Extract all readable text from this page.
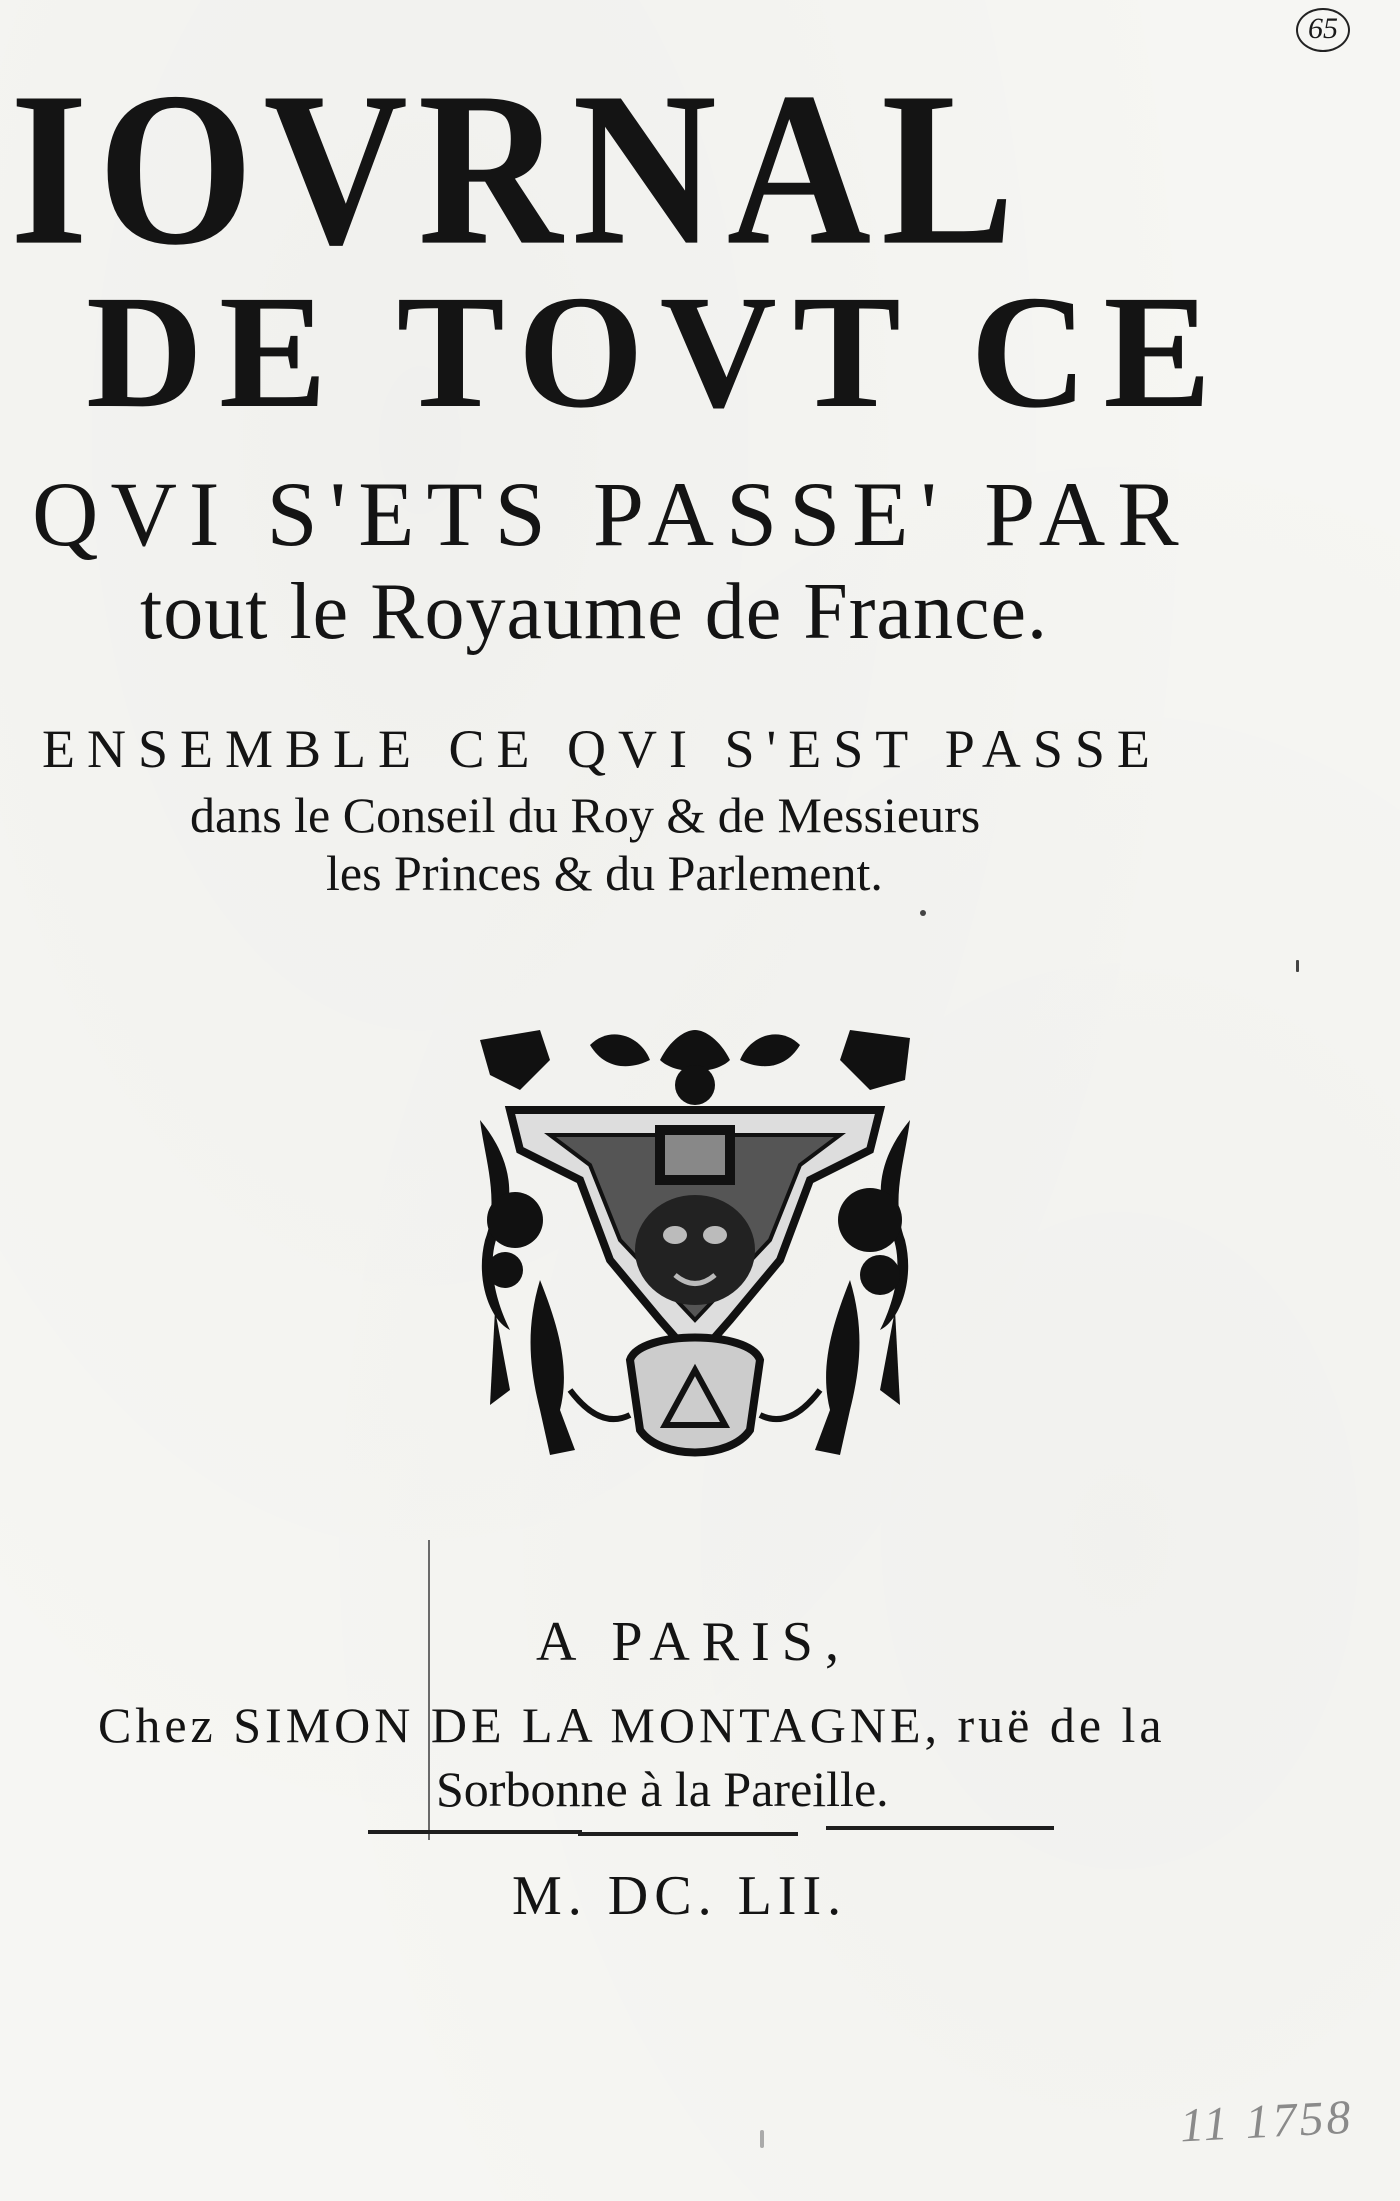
65
IOVRNAL
DE TOVT CE
QVI S'ETS PASSE' PAR
tout le Royaume de France.
ENSEMBLE CE QVI S'EST PASSE
dans le Conseil du Roy & de Messieurs
les Princes & du Parlement.
A PARIS,
Chez SIMON DE LA MONTAGNE, ruë de la
Sorbonne à la Pareille.
M. DC. LII.
11 1758
